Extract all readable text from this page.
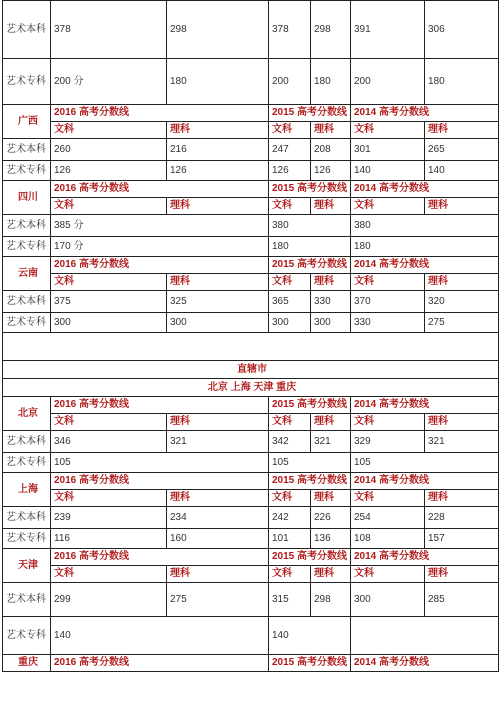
艺术本科	378	298	378	298	391	306
艺术专科	200 分	180	200	180	200	180
广西	2016 高考分数线		2015 高考分数线		2014 高考分数线	
	文科	理科	文科	理科	文科	理科
艺术本科	260	216	247	208	301	265
艺术专科	126	126	126	126	140	140
四川	2016 高考分数线		2015 高考分数线		2014 高考分数线	
	文科	理科	文科	理科	文科	理科
艺术本科	385 分		380		380	
艺术专科	170 分		180		180	
云南	2016 高考分数线		2015 高考分数线		2014 高考分数线	
	文科	理科	文科	理科	文科	理科
艺术本科	375	325	365	330	370	320
艺术专科	300	300	300	300	330	275

直辖市						
北京 上海 天津 重庆						
北京	2016 高考分数线		2015 高考分数线		2014 高考分数线	
	文科	理科	文科	理科	文科	理科
艺术本科	346	321	342	321	329	321
艺术专科	105		105		105	
上海	2016 高考分数线		2015 高考分数线		2014 高考分数线	
	文科	理科	文科	理科	文科	理科
艺术本科	239	234	242	226	254	228
艺术专科	116	160	101	136	108	157
天津	2016 高考分数线		2015 高考分数线		2014 高考分数线	
	文科	理科	文科	理科	文科	理科
艺术本科	299	275	315	298	300	285
艺术专科	140		140			
重庆	2016 高考分数线		2015 高考分数线		2014 高考分数线	
